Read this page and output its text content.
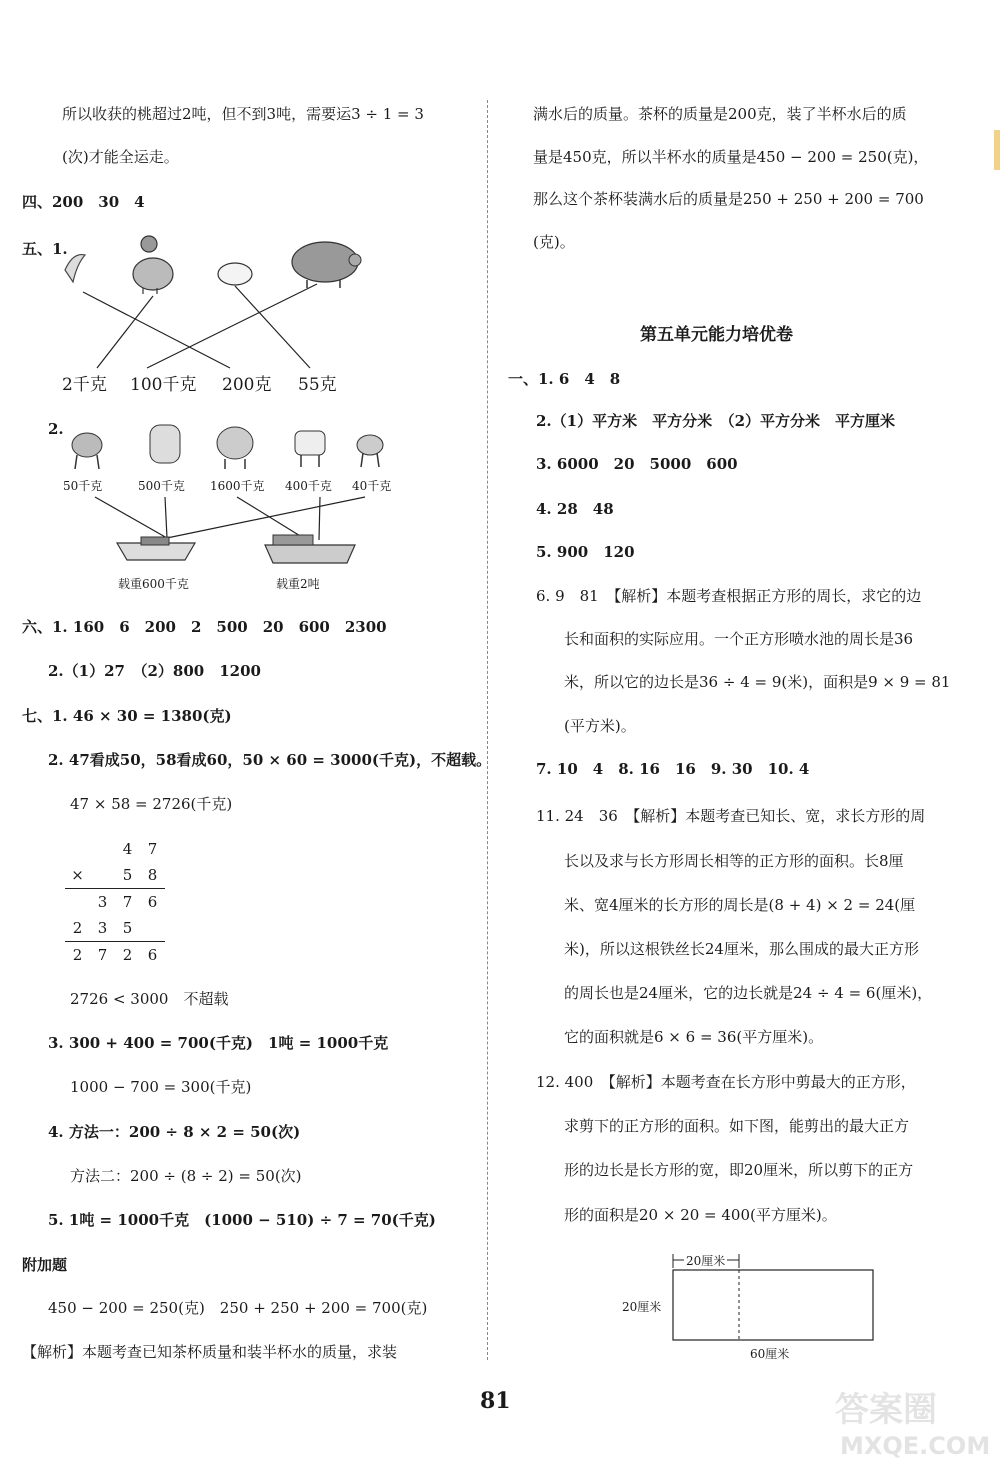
所以收获的桃超过2吨，但不到3吨，需要运3 ÷ 1 = 3
(次)才能全运走。
四、200　30　4
五、1.
2千克 100千克 200克 55克
2.
50千克	500千克 1600千克 400千克 40千克
载重600千克	载重2吨
六、1. 160　6　200　2　500　20　600　2300
2.（1）27　（2）800　1200
七、1. 46 × 30 = 1380(克)
2. 47看成50，58看成60，50 × 60 = 3000(千克)，不超载。
47 × 58 = 2726(千克)
		4	7
×		5	8
	3	7	6
2	3	5	
2	7	2	6
2726 < 3000　不超载
3. 300 + 400 = 700(千克)　1吨 = 1000千克
1000 − 700 = 300(千克)
4. 方法一：200 ÷ 8 × 2 = 50(次)
方法二：200 ÷ (8 ÷ 2) = 50(次)
5. 1吨 = 1000千克　(1000 − 510) ÷ 7 = 70(千克)
附加题
450 − 200 = 250(克)　250 + 250 + 200 = 700(克)
【解析】本题考查已知茶杯质量和装半杯水的质量，求装
满水后的质量。茶杯的质量是200克，装了半杯水后的质
量是450克，所以半杯水的质量是450 − 200 = 250(克)，
那么这个茶杯装满水后的质量是250 + 250 + 200 = 700
(克)。
第五单元能力培优卷
一、1. 6　4　8
2.（1）平方米　平方分米　（2）平方分米　平方厘米
3. 6000　20　5000　600
4. 28　48
5. 900　120
6. 9　81　【解析】本题考查根据正方形的周长，求它的边
长和面积的实际应用。一个正方形喷水池的周长是36
米，所以它的边长是36 ÷ 4 = 9(米)，面积是9 × 9 = 81
(平方米)。
7. 10　4　8. 16　16　9. 30　10. 4
11. 24　36　【解析】本题考查已知长、宽，求长方形的周
长以及求与长方形周长相等的正方形的面积。长8厘
米、宽4厘米的长方形的周长是(8 + 4) × 2 = 24(厘
米)，所以这根铁丝长24厘米，那么围成的最大正方形
的周长也是24厘米，它的边长就是24 ÷ 4 = 6(厘米)，
它的面积就是6 × 6 = 36(平方厘米)。
12. 400　【解析】本题考查在长方形中剪最大的正方形，
求剪下的正方形的面积。如下图，能剪出的最大正方
形的边长是长方形的宽，即20厘米，所以剪下的正方
形的面积是20 × 20 = 400(平方厘米)。
20厘米
20厘米
60厘米
81	答案圈
MXQE.COM
